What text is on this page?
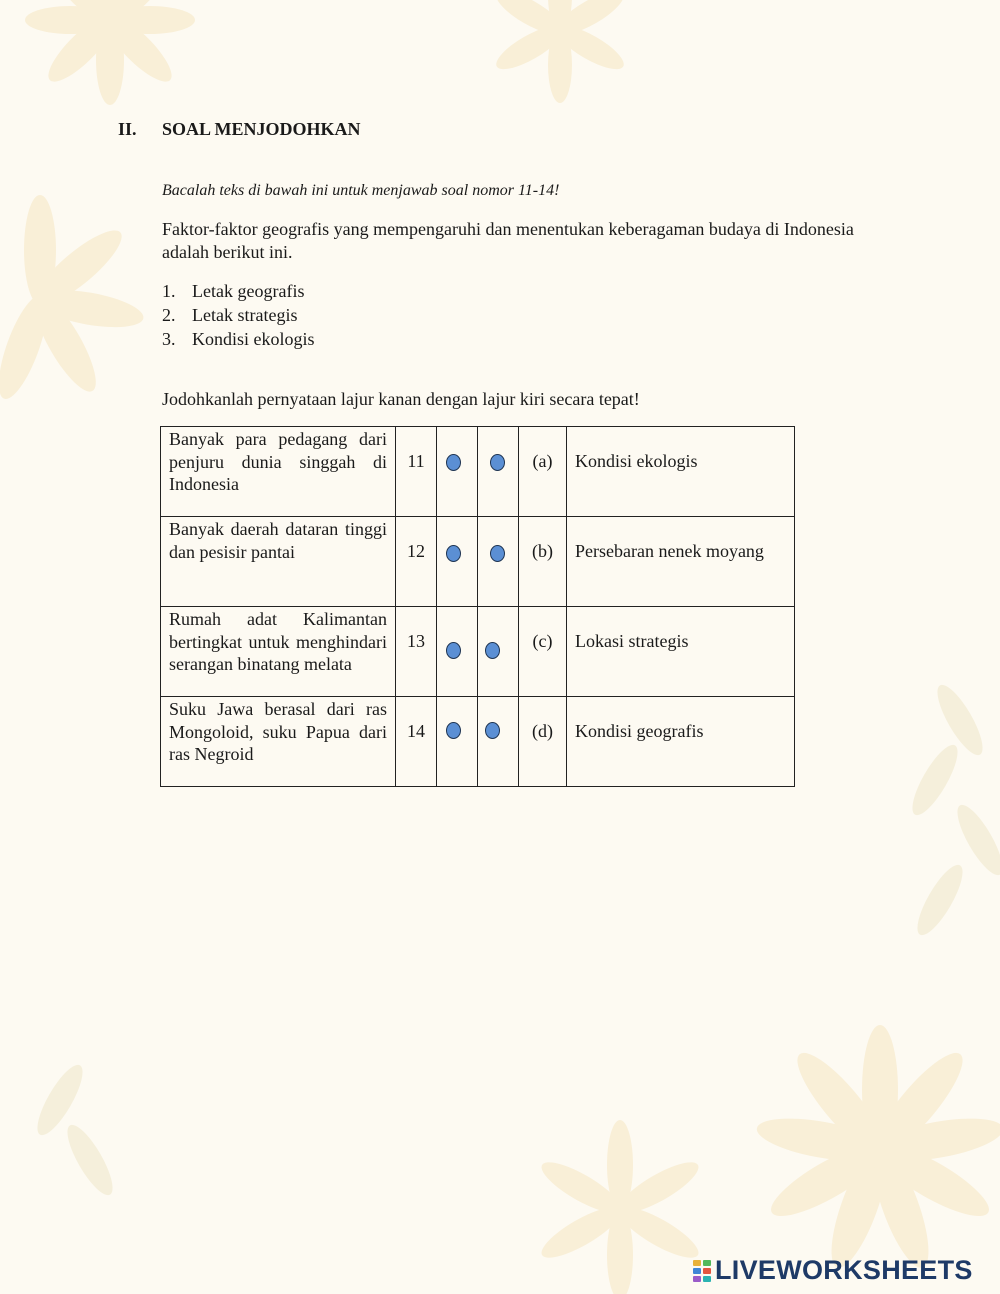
II. SOAL MENJODOHKAN
Bacalah teks di bawah ini untuk menjawab soal nomor 11-14!
Faktor-faktor geografis yang mempengaruhi dan menentukan keberagaman budaya di Indonesia adalah berikut ini.
1. Letak geografis
2. Letak strategis
3. Kondisi ekologis
Jodohkanlah pernyataan lajur kanan dengan lajur kiri secara tepat!
Banyak para pedagang dari penjuru dunia singgah di Indonesia	11			(a)	Kondisi ekologis

Banyak daerah dataran tinggi dan pesisir pantai	12			(b)	Persebaran nenek moyang

Rumah adat Kalimantan bertingkat untuk menghindari serangan binatang melata	13			(c)	Lokasi strategis

Suku Jawa berasal dari ras Mongoloid, suku Papua dari ras Negroid	14			(d)	Kondisi geografis
LIVEWORKSHEETS
